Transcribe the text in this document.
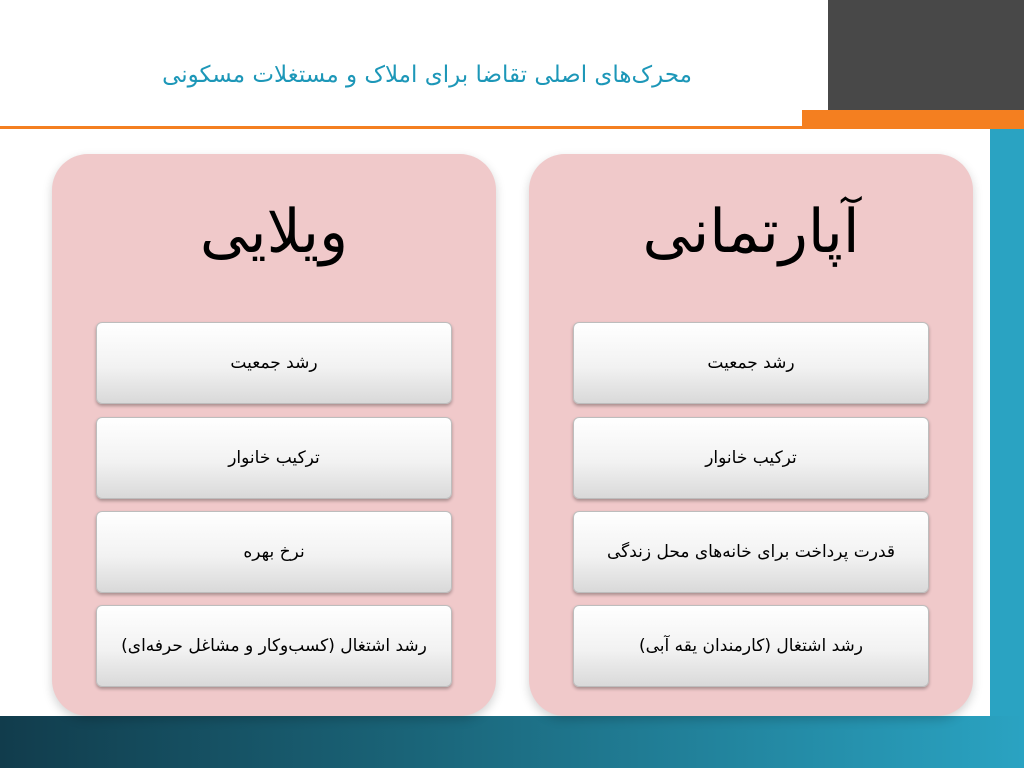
محرک‌های اصلی تقاضا برای املاک و مستغلات مسکونی
آپارتمانی
رشد جمعیت
ترکیب خانوار
قدرت پرداخت برای خانه‌های محل زندگی
رشد اشتغال (کارمندان یقه آبی)
ویلایی
رشد جمعیت
ترکیب خانوار
نرخ بهره
رشد اشتغال (کسب‌وکار و مشاغل حرفه‌ای)
